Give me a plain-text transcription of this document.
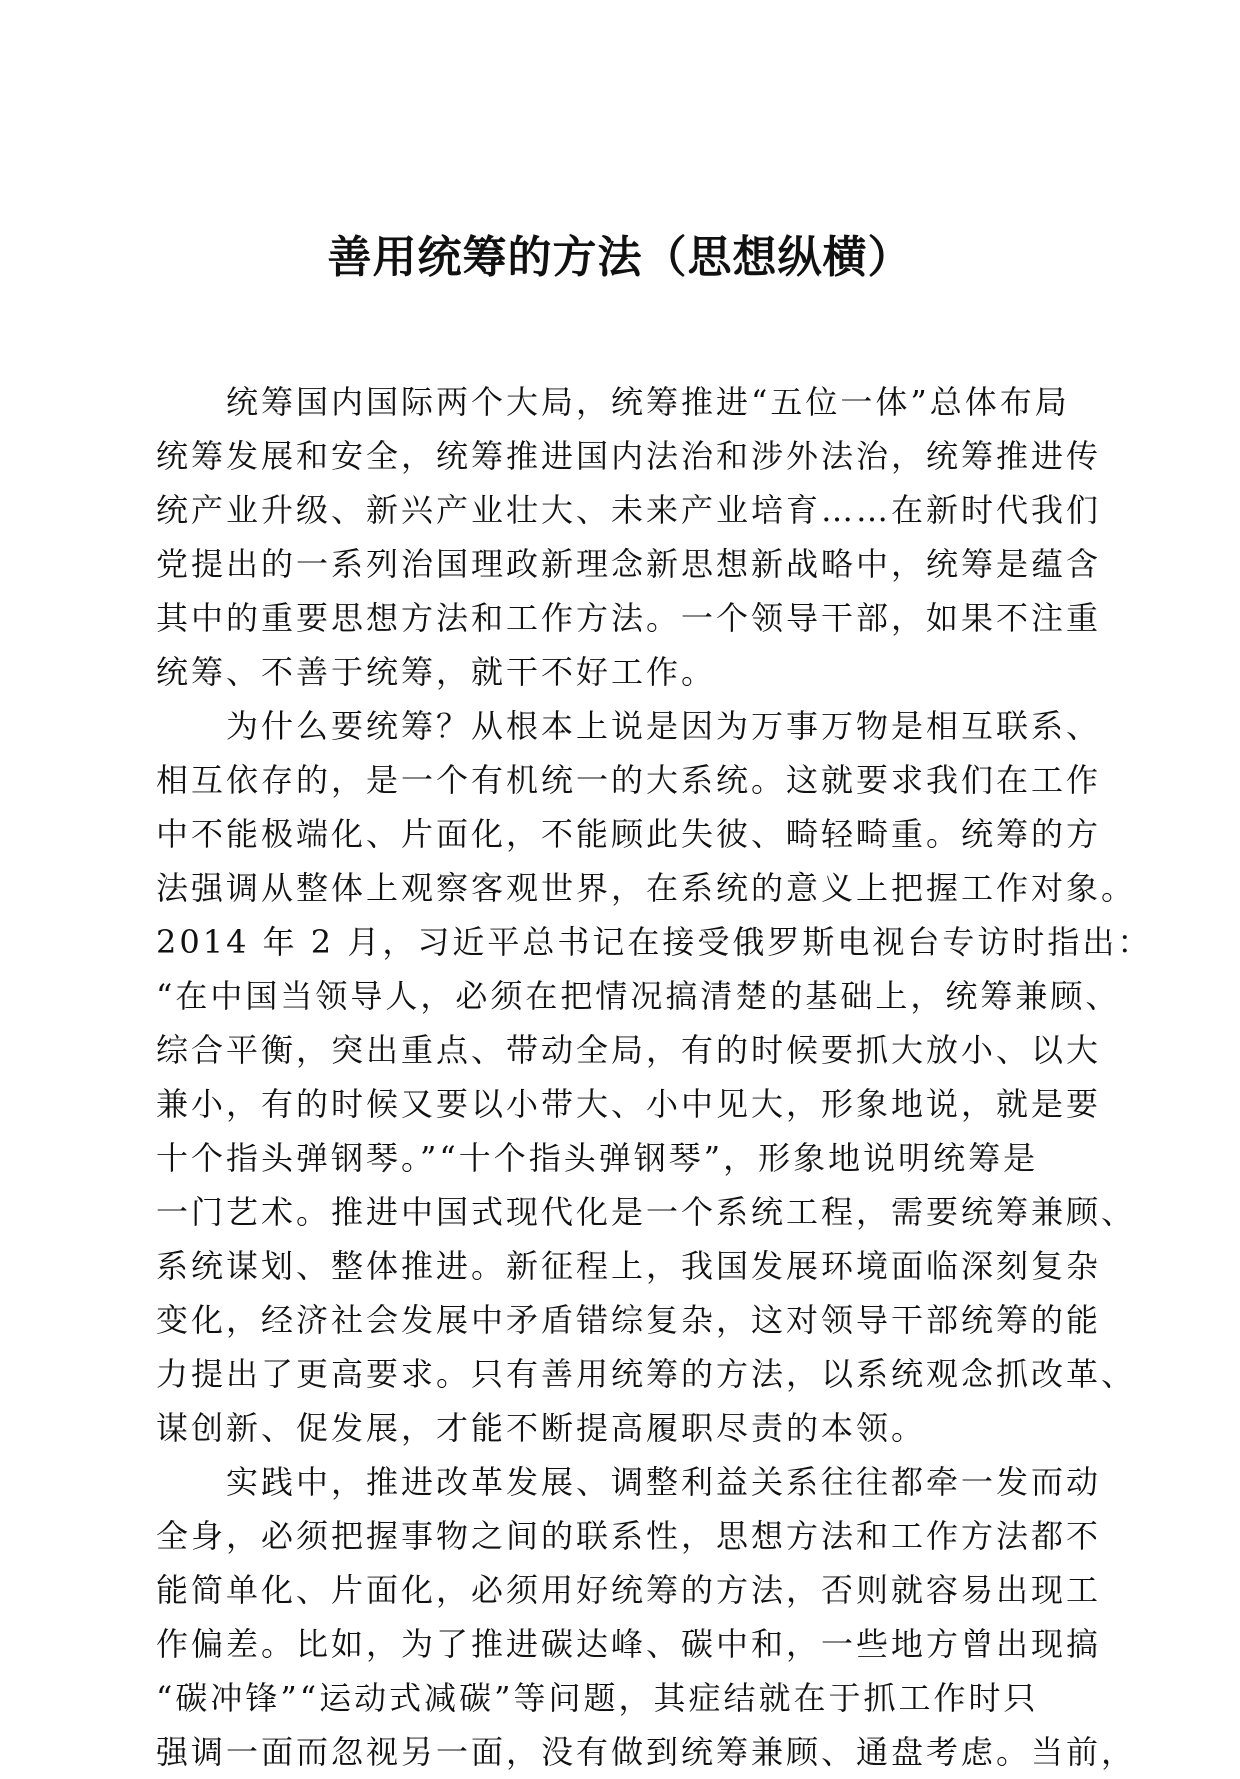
善用统筹的方法（思想纵横）
统筹国内国际两个大局，统筹推进“五位一体”总体布局
统筹发展和安全，统筹推进国内法治和涉外法治，统筹推进传
统产业升级、新兴产业壮大、未来产业培育……在新时代我们
党提出的一系列治国理政新理念新思想新战略中，统筹是蕴含
其中的重要思想方法和工作方法。一个领导干部，如果不注重
统筹、不善于统筹，就干不好工作。
为什么要统筹？从根本上说是因为万事万物是相互联系、
相互依存的，是一个有机统一的大系统。这就要求我们在工作
中不能极端化、片面化，不能顾此失彼、畸轻畸重。统筹的方
法强调从整体上观察客观世界，在系统的意义上把握工作对象。
2014 年 2 月，习近平总书记在接受俄罗斯电视台专访时指出：
“在中国当领导人，必须在把情况搞清楚的基础上，统筹兼顾、
综合平衡，突出重点、带动全局，有的时候要抓大放小、以大
兼小，有的时候又要以小带大、小中见大，形象地说，就是要
十个指头弹钢琴。”“十个指头弹钢琴”，形象地说明统筹是
一门艺术。推进中国式现代化是一个系统工程，需要统筹兼顾、
系统谋划、整体推进。新征程上，我国发展环境面临深刻复杂
变化，经济社会发展中矛盾错综复杂，这对领导干部统筹的能
力提出了更高要求。只有善用统筹的方法，以系统观念抓改革、
谋创新、促发展，才能不断提高履职尽责的本领。
实践中，推进改革发展、调整利益关系往往都牵一发而动
全身，必须把握事物之间的联系性，思想方法和工作方法都不
能简单化、片面化，必须用好统筹的方法，否则就容易出现工
作偏差。比如，为了推进碳达峰、碳中和，一些地方曾出现搞
“碳冲锋”“运动式减碳”等问题，其症结就在于抓工作时只
强调一面而忽视另一面，没有做到统筹兼顾、通盘考虑。当前，
